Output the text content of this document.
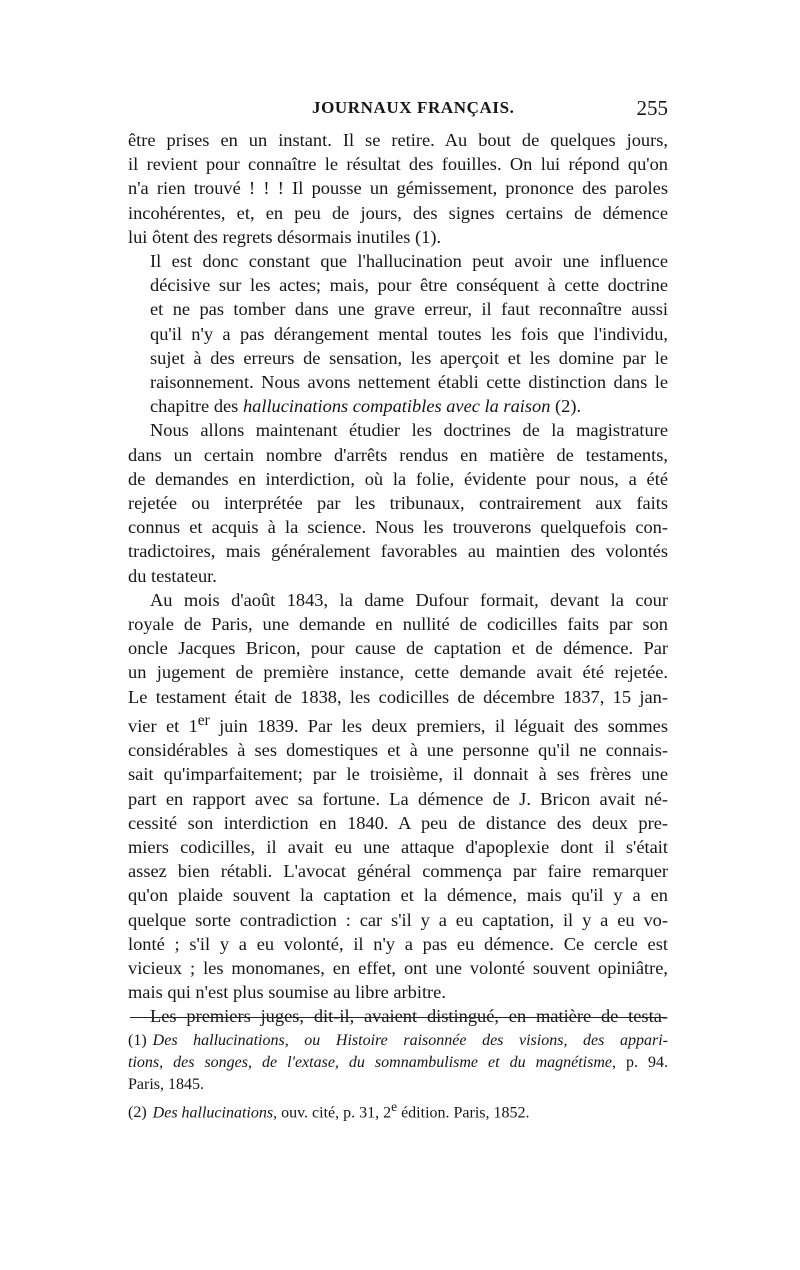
JOURNAUX FRANÇAIS.	255

être prises en un instant. Il se retire. Au bout de quelques jours,
il revient pour connaître le résultat des fouilles. On lui répond qu'on
n'a rien trouvé ! ! ! Il pousse un gémissement, prononce des paroles
incohérentes, et, en peu de jours, des signes certains de démence
lui ôtent des regrets désormais inutiles (1).

Il est donc constant que l'hallucination peut avoir une influence
décisive sur les actes; mais, pour être conséquent à cette doctrine
et ne pas tomber dans une grave erreur, il faut reconnaître aussi
qu'il n'y a pas dérangement mental toutes les fois que l'individu,
sujet à des erreurs de sensation, les aperçoit et les domine par le
raisonnement. Nous avons nettement établi cette distinction dans le
chapitre des hallucinations compatibles avec la raison (2).

Nous allons maintenant étudier les doctrines de la magistrature
dans un certain nombre d'arrêts rendus en matière de testaments,
de demandes en interdiction, où la folie, évidente pour nous, a été
rejetée ou interprétée par les tribunaux, contrairement aux faits
connus et acquis à la science. Nous les trouverons quelquefois con-
tradictoires, mais généralement favorables au maintien des volontés
du testateur.

Au mois d'août 1843, la dame Dufour formait, devant la cour
royale de Paris, une demande en nullité de codicilles faits par son
oncle Jacques Bricon, pour cause de captation et de démence. Par
un jugement de première instance, cette demande avait été rejetée.
Le testament était de 1838, les codicilles de décembre 1837, 15 jan-
vier et 1er juin 1839. Par les deux premiers, il léguait des sommes
considérables à ses domestiques et à une personne qu'il ne connais-
sait qu'imparfaitement; par le troisième, il donnait à ses frères une
part en rapport avec sa fortune. La démence de J. Bricon avait né-
cessité son interdiction en 1840. A peu de distance des deux pre-
miers codicilles, il avait eu une attaque d'apoplexie dont il s'était
assez bien rétabli. L'avocat général commença par faire remarquer
qu'on plaide souvent la captation et la démence, mais qu'il y a en
quelque sorte contradiction : car s'il y a eu captation, il y a eu vo-
lonté ; s'il y a eu volonté, il n'y a pas eu démence. Ce cercle est
vicieux ; les monomanes, en effet, ont une volonté souvent opiniâtre,
mais qui n'est plus soumise au libre arbitre.

Les premiers juges, dit-il, avaient distingué, en matière de testa-

(1) Des hallucinations, ou Histoire raisonnée des visions, des appari-
tions, des songes, de l'extase, du somnambulisme et du magnétisme, p. 94.
Paris, 1845.

(2) Des hallucinations, ouv. cité, p. 31, 2e édition. Paris, 1852.
